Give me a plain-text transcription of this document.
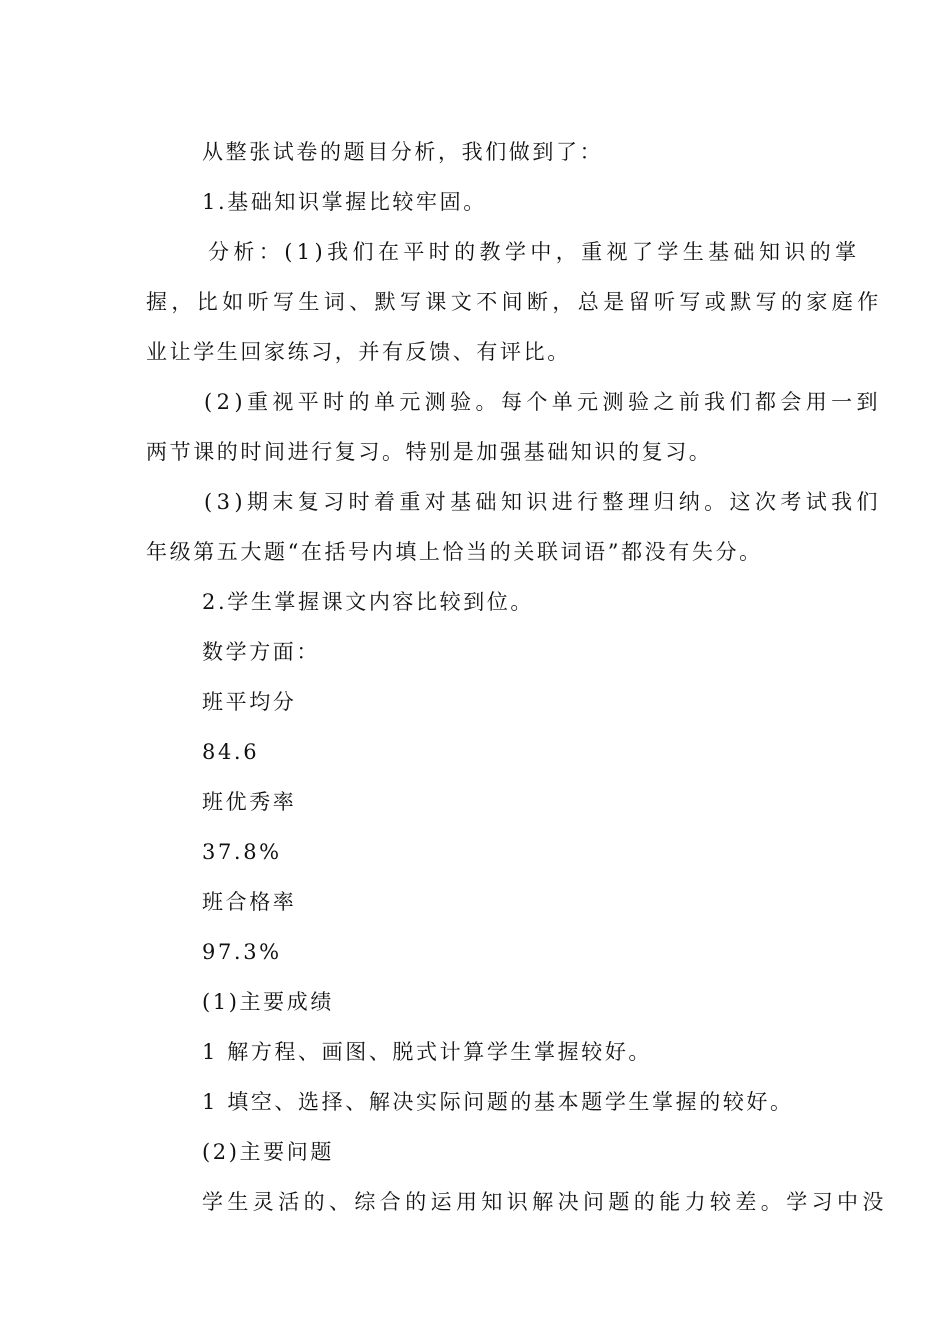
从整张试卷的题目分析，我们做到了：

1.基础知识掌握比较牢固。

分析：(1)我们在平时的教学中，重视了学生基础知识的掌

握，比如听写生词、默写课文不间断，总是留听写或默写的家庭作

业让学生回家练习，并有反馈、有评比。

(2)重视平时的单元测验。每个单元测验之前我们都会用一到

两节课的时间进行复习。特别是加强基础知识的复习。

(3)期末复习时着重对基础知识进行整理归纳。这次考试我们

年级第五大题“在括号内填上恰当的关联词语”都没有失分。

2.学生掌握课文内容比较到位。

数学方面：

班平均分

84.6

班优秀率

37.8%

班合格率

97.3%

(1)主要成绩

1 解方程、画图、脱式计算学生掌握较好。

1 填空、选择、解决实际问题的基本题学生掌握的较好。

(2)主要问题

学生灵活的、综合的运用知识解决问题的能力较差。学习中没
